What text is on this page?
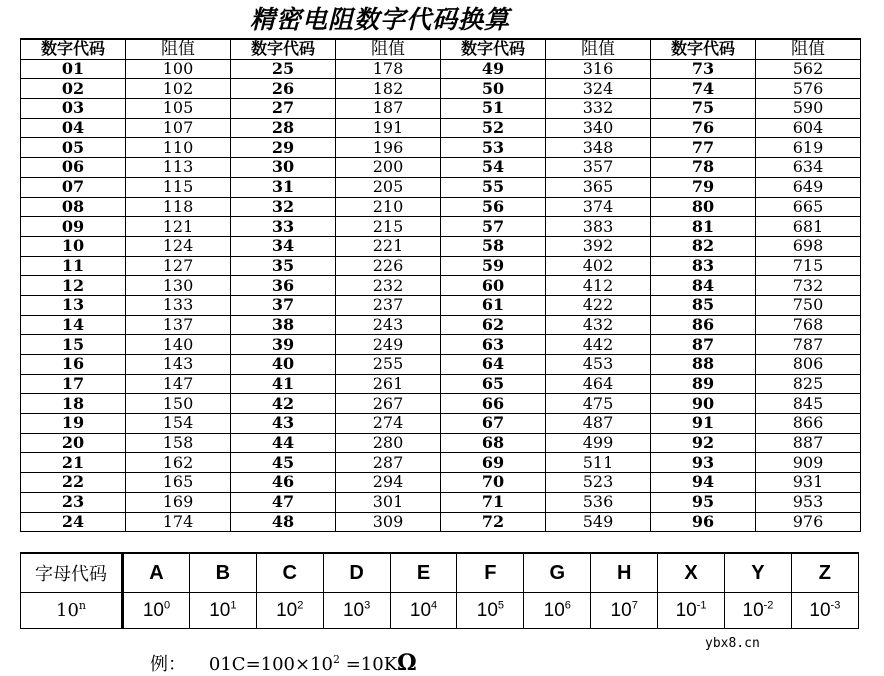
精密电阻数字代码换算
数字代码	阻值	数字代码	阻值	数字代码	阻值	数字代码	阻值
01	100	25	178	49	316	73	562
02	102	26	182	50	324	74	576
03	105	27	187	51	332	75	590
04	107	28	191	52	340	76	604
05	110	29	196	53	348	77	619
06	113	30	200	54	357	78	634
07	115	31	205	55	365	79	649
08	118	32	210	56	374	80	665
09	121	33	215	57	383	81	681
10	124	34	221	58	392	82	698
11	127	35	226	59	402	83	715
12	130	36	232	60	412	84	732
13	133	37	237	61	422	85	750
14	137	38	243	62	432	86	768
15	140	39	249	63	442	87	787
16	143	40	255	64	453	88	806
17	147	41	261	65	464	89	825
18	150	42	267	66	475	90	845
19	154	43	274	67	487	91	866
20	158	44	280	68	499	92	887
21	162	45	287	69	511	93	909
22	165	46	294	70	523	94	931
23	169	47	301	71	536	95	953
24	174	48	309	72	549	96	976
字母代码	A	B	C	D	E	F	G	H	X	Y	Z
10$^n$	$10^0$	$10^1$	$10^2$	$10^3$	$10^4$	$10^5$	$10^6$	$10^7$	$10^{-1}$	$10^{-2}$	$10^{-3}$
例： $01C=100\times 10^2 =10K\Omega$
ybx8.cn
